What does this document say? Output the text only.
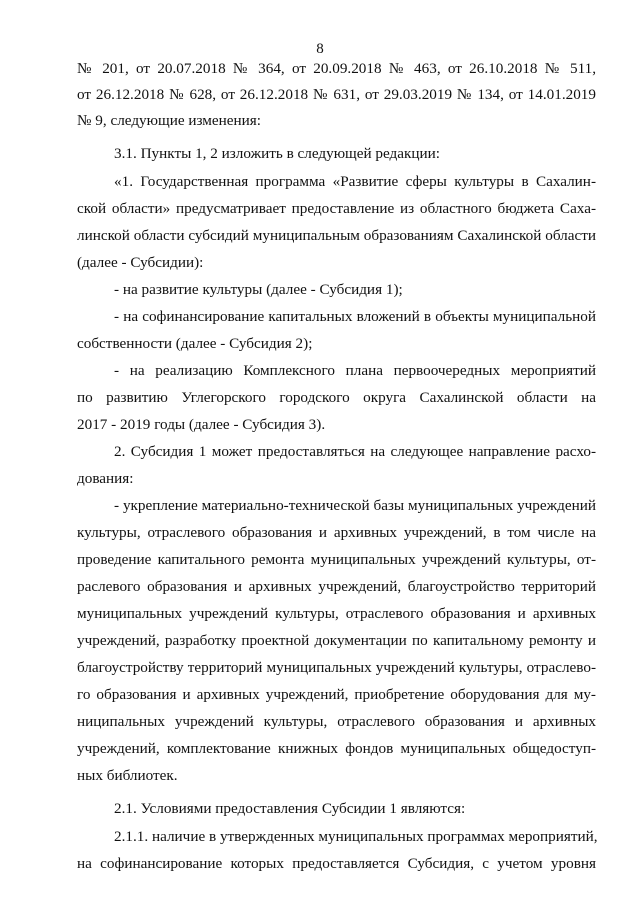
8
№ 201, от 20.07.2018 № 364, от 20.09.2018 № 463, от 26.10.2018 № 511,
от 26.12.2018 № 628, от 26.12.2018 № 631, от 29.03.2019 № 134, от 14.01.2019
№ 9, следующие изменения:
3.1. Пункты 1, 2 изложить в следующей редакции:
«1. Государственная программа «Развитие сферы культуры в Сахалин-
ской области» предусматривает предоставление из областного бюджета Саха-
линской области субсидий муниципальным образованиям Сахалинской области
(далее - Субсидии):
- на развитие культуры (далее - Субсидия 1);
- на софинансирование капитальных вложений в объекты муниципальной
собственности (далее - Субсидия 2);
- на реализацию Комплексного плана первоочередных мероприятий
по развитию Углегорского городского округа Сахалинской области на
2017 - 2019 годы (далее - Субсидия 3).
2. Субсидия 1 может предоставляться на следующее направление расхо-
дования:
- укрепление материально-технической базы муниципальных учреждений
культуры, отраслевого образования и архивных учреждений, в том числе на
проведение капитального ремонта муниципальных учреждений культуры, от-
раслевого образования и архивных учреждений, благоустройство территорий
муниципальных учреждений культуры, отраслевого образования и архивных
учреждений, разработку проектной документации по капитальному ремонту и
благоустройству территорий муниципальных учреждений культуры, отраслево-
го образования и архивных учреждений, приобретение оборудования для му-
ниципальных учреждений культуры, отраслевого образования и архивных
учреждений, комплектование книжных фондов муниципальных общедоступ-
ных библиотек.
2.1. Условиями предоставления Субсидии 1 являются:
2.1.1. наличие в утвержденных муниципальных программах мероприятий,
на софинансирование которых предоставляется Субсидия, с учетом уровня
